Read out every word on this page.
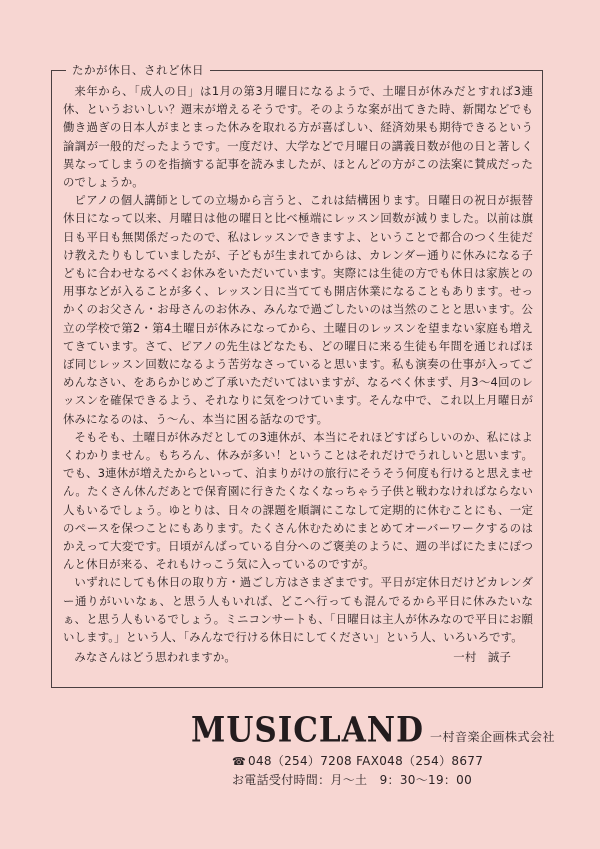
たかが休日、されど休日

来年から、「成人の日」は1月の第3月曜日になるようで、土曜日が休みだとすれば3連休、というおいしい？週末が増えるそうです。そのような案が出てきた時、新聞などでも働き過ぎの日本人がまとまった休みを取れる方が喜ばしい、経済効果も期待できるという論調が一般的だったようです。一度だけ、大学などで月曜日の講義日数が他の日と著しく異なってしまうのを指摘する記事を読みましたが、ほとんどの方がこの法案に賛成だったのでしょうか。

ピアノの個人講師としての立場から言うと、これは結構困ります。日曜日の祝日が振替休日になって以来、月曜日は他の曜日と比べ極端にレッスン回数が減りました。以前は旗日も平日も無関係だったので、私はレッスンできますよ、ということで都合のつく生徒だけ教えたりもしていましたが、子どもが生まれてからは、カレンダー通りに休みになる子どもに合わせなるべくお休みをいただいています。実際には生徒の方でも休日は家族との用事などが入ることが多く、レッスン日に当てても開店休業になることもあります。せっかくのお父さん・お母さんのお休み、みんなで過ごしたいのは当然のことと思います。公立の学校で第2・第4土曜日が休みになってから、土曜日のレッスンを望まない家庭も増えてきています。さて、ピアノの先生はどなたも、どの曜日に来る生徒も年間を通じればほぼ同じレッスン回数になるよう苦労なさっていると思います。私も演奏の仕事が入ってごめんなさい、をあらかじめご了承いただいてはいますが、なるべく休まず、月3〜4回のレッスンを確保できるよう、それなりに気をつけています。そんな中で、これ以上月曜日が休みになるのは、う〜ん、本当に困る話なのです。

そもそも、土曜日が休みだとしての3連休が、本当にそれほどすばらしいのか、私にはよくわかりません。もちろん、休みが多い！ということはそれだけでうれしいと思います。でも、3連休が増えたからといって、泊まりがけの旅行にそうそう何度も行けると思えません。たくさん休んだあとで保育園に行きたくなくなっちゃう子供と戦わなければならない人もいるでしょう。ゆとりは、日々の課題を順調にこなして定期的に休むことにも、一定のペースを保つことにもあります。たくさん休むためにまとめてオーバーワークするのはかえって大変です。日頃がんばっている自分へのご褒美のように、週の半ばにたまにぽつんと休日が来る、それもけっこう気に入っているのですが。

いずれにしても休日の取り方・過ごし方はさまざまです。平日が定休日だけどカレンダー通りがいいなぁ、と思う人もいれば、どこへ行っても混んでるから平日に休みたいなぁ、と思う人もいるでしょう。ミニコンサートも、「日曜日は主人が休みなので平日にお願いします。」という人、「みんなで行ける休日にしてください」という人、いろいろです。

みなさんはどう思われますか。	一村　誠子
MUSICLAND 一村音楽企画株式会社
☎ 048（254）7208 FAX048（254）8677
お電話受付時間：月〜土　9：30〜19：00
